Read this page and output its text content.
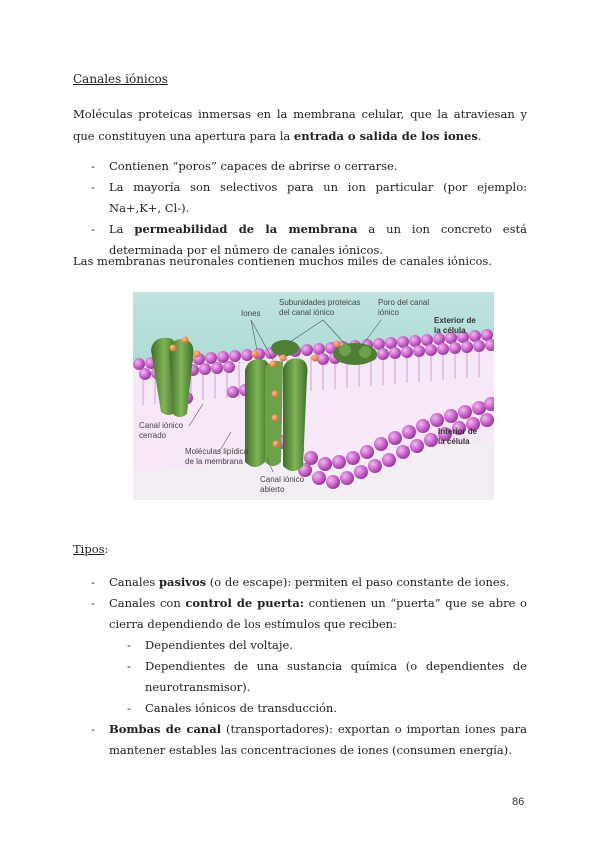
Canales iónicos

Moléculas proteicas inmersas en la membrana celular, que la atraviesan y que constituyen una apertura para la entrada o salida de los iones.

- Contienen “poros” capaces de abrirse o cerrarse.
- La mayoría son selectivos para un ion particular (por ejemplo: Na+,K+, Cl-).
- La permeabilidad de la membrana a un ion concreto está determinada por el número de canales iónicos.
Las membranas neuronales contienen muchos miles de canales iónicos.
Iones
Subunidades proteicas
del canal iónico
Poro del canal
iónico
Exterior de
la célula
Interior de
la célula
Canal iónico
cerrado
Moléculas lipídica
de la membrana
Canal iónico
abierto
Tipos:
- Canales pasivos (o de escape): permiten el paso constante de iones.
- Canales con control de puerta: contienen un “puerta” que se abre o cierra dependiendo de los estímulos que reciben:
- Dependientes del voltaje.
- Dependientes de una sustancia química (o dependientes de neurotransmisor).
- Canales iónicos de transducción.
- Bombas de canal (transportadores): exportan o importan iones para mantener estables las concentraciones de iones (consumen energía).
86
